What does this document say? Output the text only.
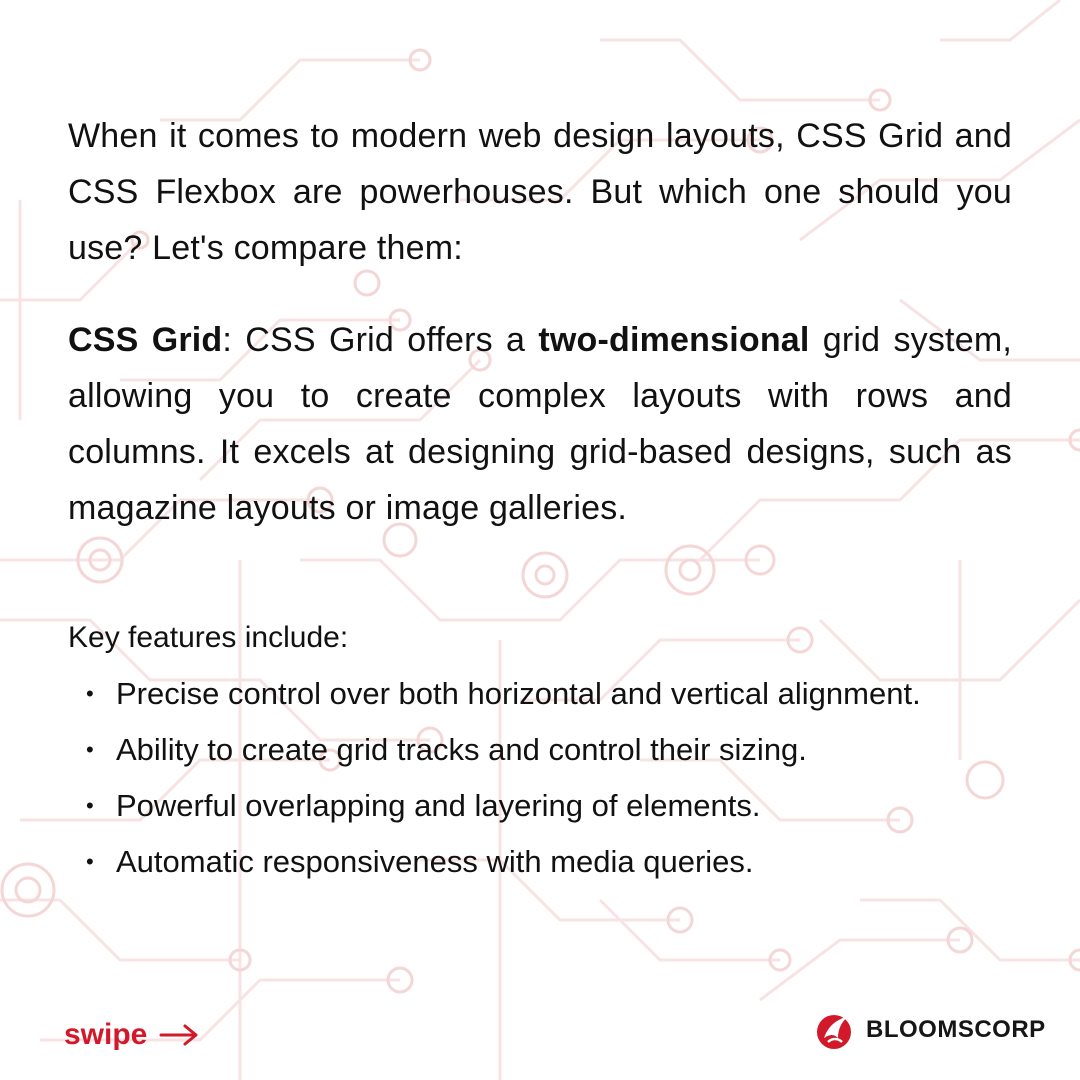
When it comes to modern web design layouts, CSS Grid and CSS Flexbox are powerhouses. But which one should you use? Let's compare them:

CSS Grid: CSS Grid offers a two-dimensional grid system, allowing you to create complex layouts with rows and columns. It excels at designing grid-based designs, such as magazine layouts or image galleries.

Key features include:

• Precise control over both horizontal and vertical alignment.
• Ability to create grid tracks and control their sizing.
• Powerful overlapping and layering of elements.
• Automatic responsiveness with media queries.
swipe	BLOOMSCORP
